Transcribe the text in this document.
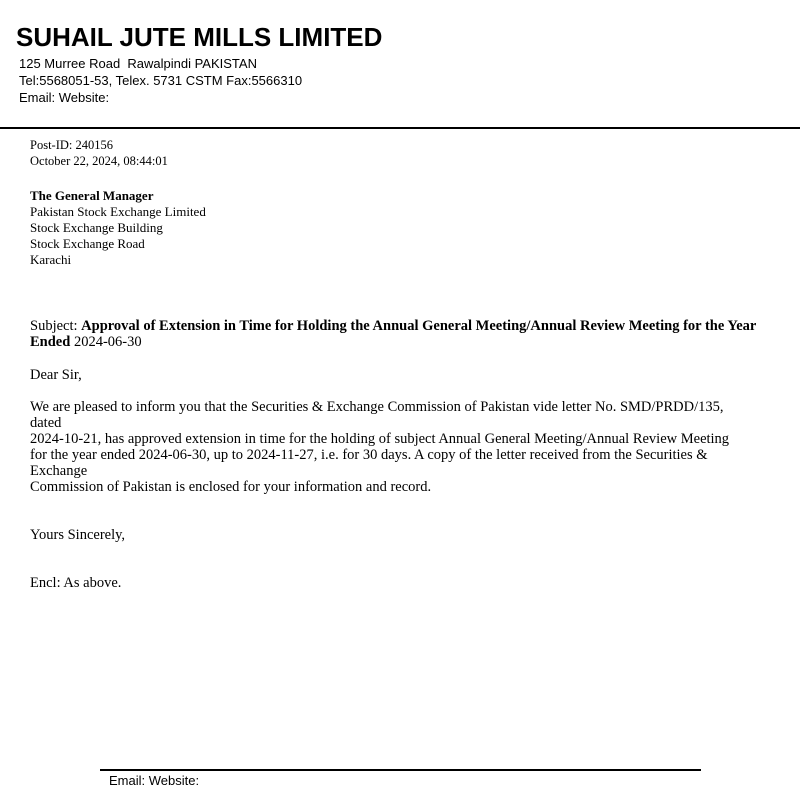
SUHAIL JUTE MILLS LIMITED
125 Murree Road  Rawalpindi PAKISTAN
Tel:5568051-53, Telex. 5731 CSTM Fax:5566310
Email: Website:
Post-ID: 240156
October 22, 2024, 08:44:01
The General Manager
Pakistan Stock Exchange Limited
Stock Exchange Building
Stock Exchange Road
Karachi
Subject: Approval of Extension in Time for Holding the Annual General Meeting/Annual Review Meeting for the Year Ended 2024-06-30
Dear Sir,
We are pleased to inform you that the Securities & Exchange Commission of Pakistan vide letter No. SMD/PRDD/135,
dated
2024-10-21, has approved extension in time for the holding of subject Annual General Meeting/Annual Review Meeting
for the year ended 2024-06-30, up to 2024-11-27, i.e. for 30 days. A copy of the letter received from the Securities &
Exchange
Commission of Pakistan is enclosed for your information and record.
Yours Sincerely,
Encl: As above.
Email: Website:
